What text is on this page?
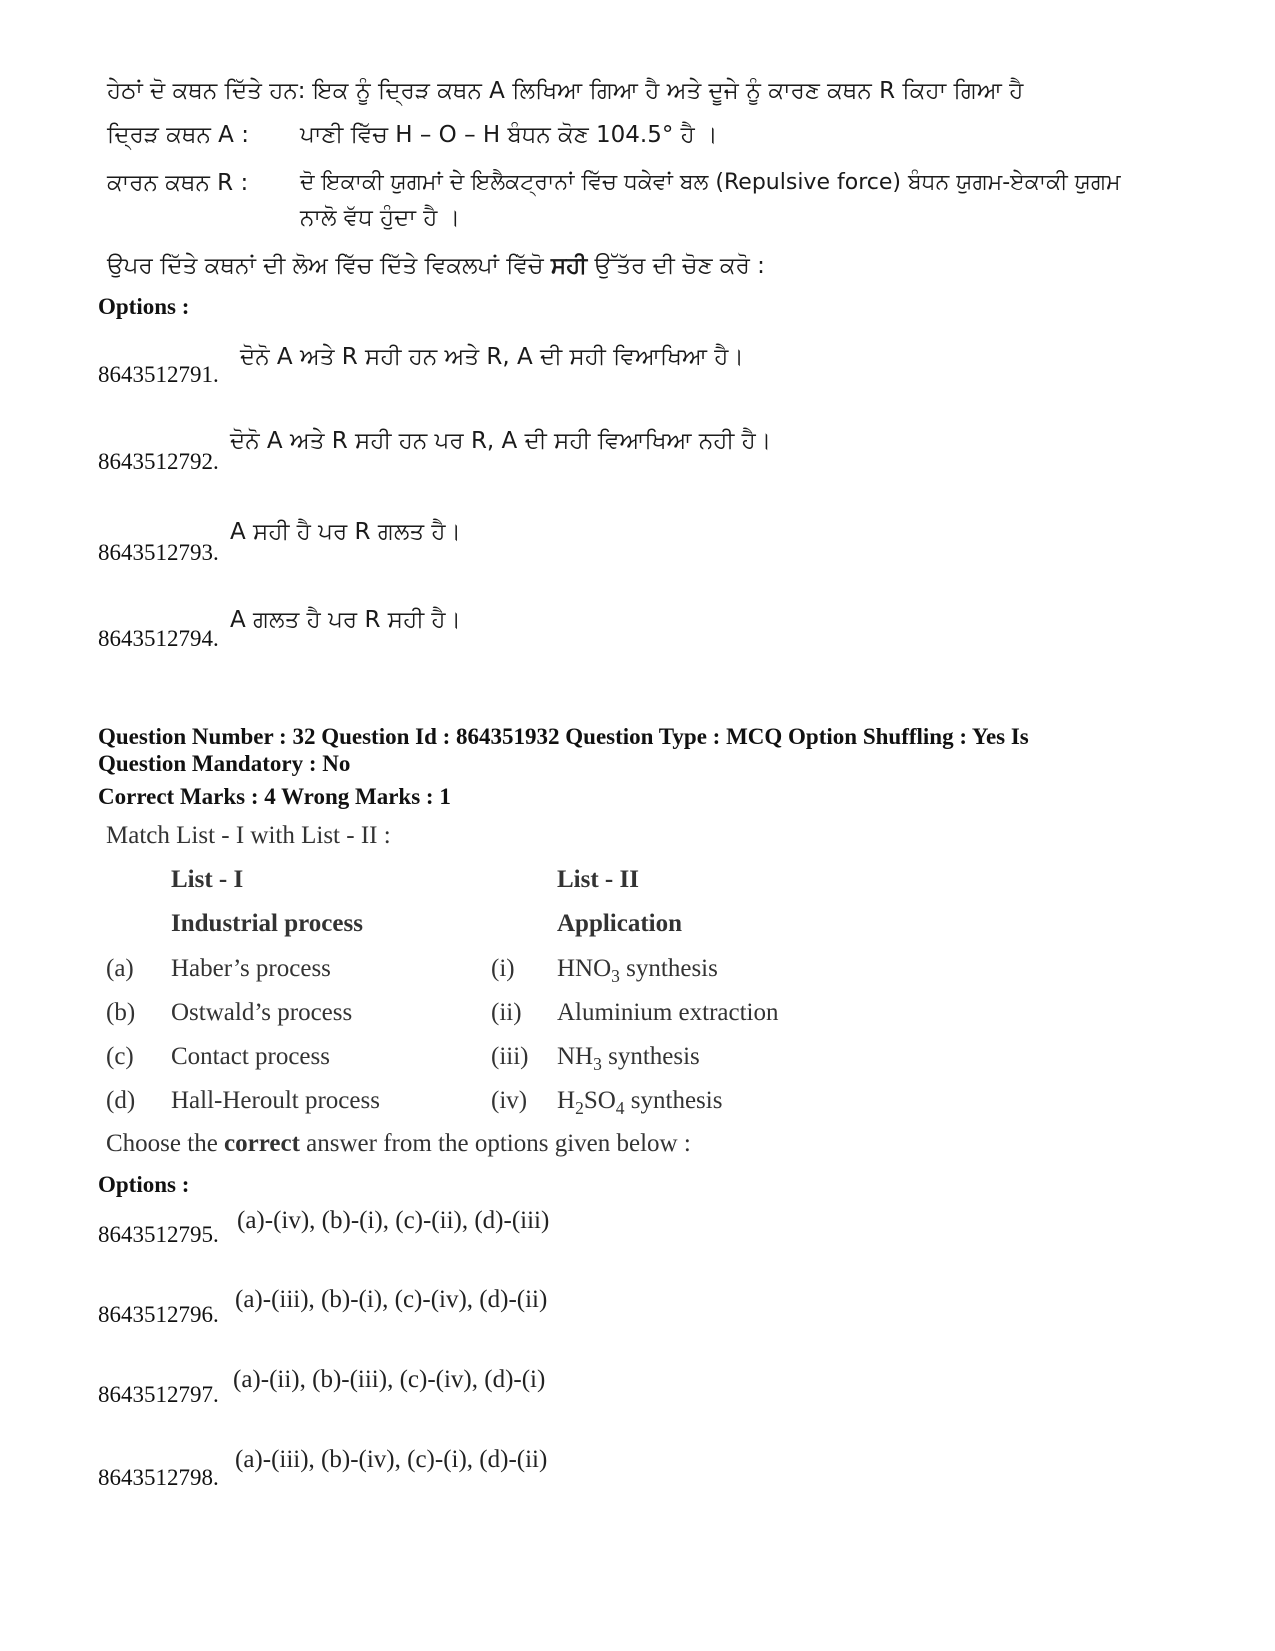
ਹੇਠਾਂ ਦੋ ਕਥਨ ਦਿੱਤੇ ਹਨ: ਇਕ ਨੂੰ ਦ੍ਰਿੜ ਕਥਨ A ਲਿਖਿਆ ਗਿਆ ਹੈ ਅਤੇ ਦੂਜੇ ਨੂੰ ਕਾਰਣ ਕਥਨ R ਕਿਹਾ ਗਿਆ ਹੈ
ਦ੍ਰਿੜ ਕਥਨ A : ਪਾਣੀ ਵਿੱਚ H – O – H ਬੰਧਨ ਕੋਣ 104.5° ਹੈ ।
ਕਾਰਨ ਕਥਨ R : ਦੋ ਇਕਾਕੀ ਯੁਗਮਾਂ ਦੇ ਇਲੈਕਟ੍ਰਾਨਾਂ ਵਿੱਚ ਧਕੇਵਾਂ ਬਲ (Repulsive force) ਬੰਧਨ ਯੁਗਮ-ਏਕਾਕੀ ਯੁਗਮ
ਨਾਲੋ ਵੱਧ ਹੁੰਦਾ ਹੈ ।
ਉਪਰ ਦਿੱਤੇ ਕਥਨਾਂ ਦੀ ਲੋਅ ਵਿੱਚ ਦਿੱਤੇ ਵਿਕਲਪਾਂ ਵਿੱਚੋ ਸਹੀ ਉੱਤੱਰ ਦੀ ਚੋਣ ਕਰੋ :
Options :
8643512791.
ਦੋਨੋ A ਅਤੇ R ਸਹੀ ਹਨ ਅਤੇ R, A ਦੀ ਸਹੀ ਵਿਆਖਿਆ ਹੈ।
8643512792.
ਦੋਨੋ A ਅਤੇ R ਸਹੀ ਹਨ ਪਰ R, A ਦੀ ਸਹੀ ਵਿਆਖਿਆ ਨਹੀ ਹੈ।
8643512793.
A ਸਹੀ ਹੈ ਪਰ R ਗਲਤ ਹੈ।
8643512794.
A ਗਲਤ ਹੈ ਪਰ R ਸਹੀ ਹੈ।
Question Number : 32 Question Id : 864351932 Question Type : MCQ Option Shuffling : Yes Is
Question Mandatory : No
Correct Marks : 4 Wrong Marks : 1
Match List - I with List - II :
List - I	List - II
Industrial process	Application
(a) Haber’s process	(i) $HNO_3$ synthesis
(b) Ostwald’s process	(ii) Aluminium extraction
(c) Contact process	(iii) $NH_3$ synthesis
(d) Hall-Heroult process	(iv) $H_2SO_4$ synthesis
Choose the correct answer from the options given below :
Options :
8643512795.
(a)-(iv), (b)-(i), (c)-(ii), (d)-(iii)
8643512796.
(a)-(iii), (b)-(i), (c)-(iv), (d)-(ii)
8643512797.
(a)-(ii), (b)-(iii), (c)-(iv), (d)-(i)
8643512798.
(a)-(iii), (b)-(iv), (c)-(i), (d)-(ii)
